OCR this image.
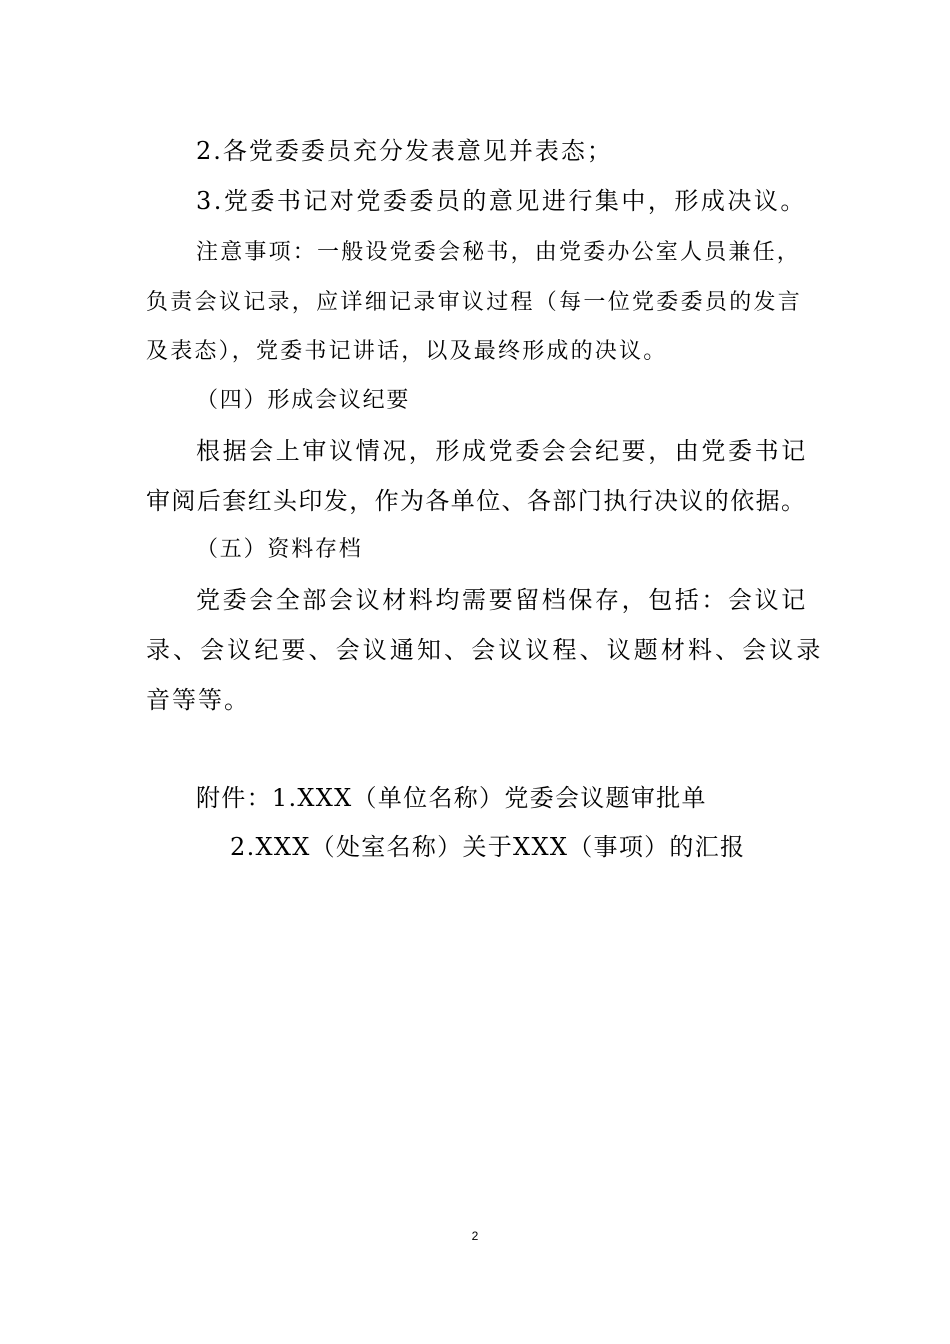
2.各党委委员充分发表意见并表态；
3.党委书记对党委委员的意见进行集中，形成决议。
注意事项：一般设党委会秘书，由党委办公室人员兼任，
负责会议记录，应详细记录审议过程（每一位党委委员的发言
及表态），党委书记讲话，以及最终形成的决议。
（四）形成会议纪要
根据会上审议情况，形成党委会会纪要，由党委书记
审阅后套红头印发，作为各单位、各部门执行决议的依据。
（五）资料存档
党委会全部会议材料均需要留档保存，包括：会议记
录、会议纪要、会议通知、会议议程、议题材料、会议录
音等等。
附件：1.XXX（单位名称）党委会议题审批单
2.XXX（处室名称）关于XXX（事项）的汇报
2
